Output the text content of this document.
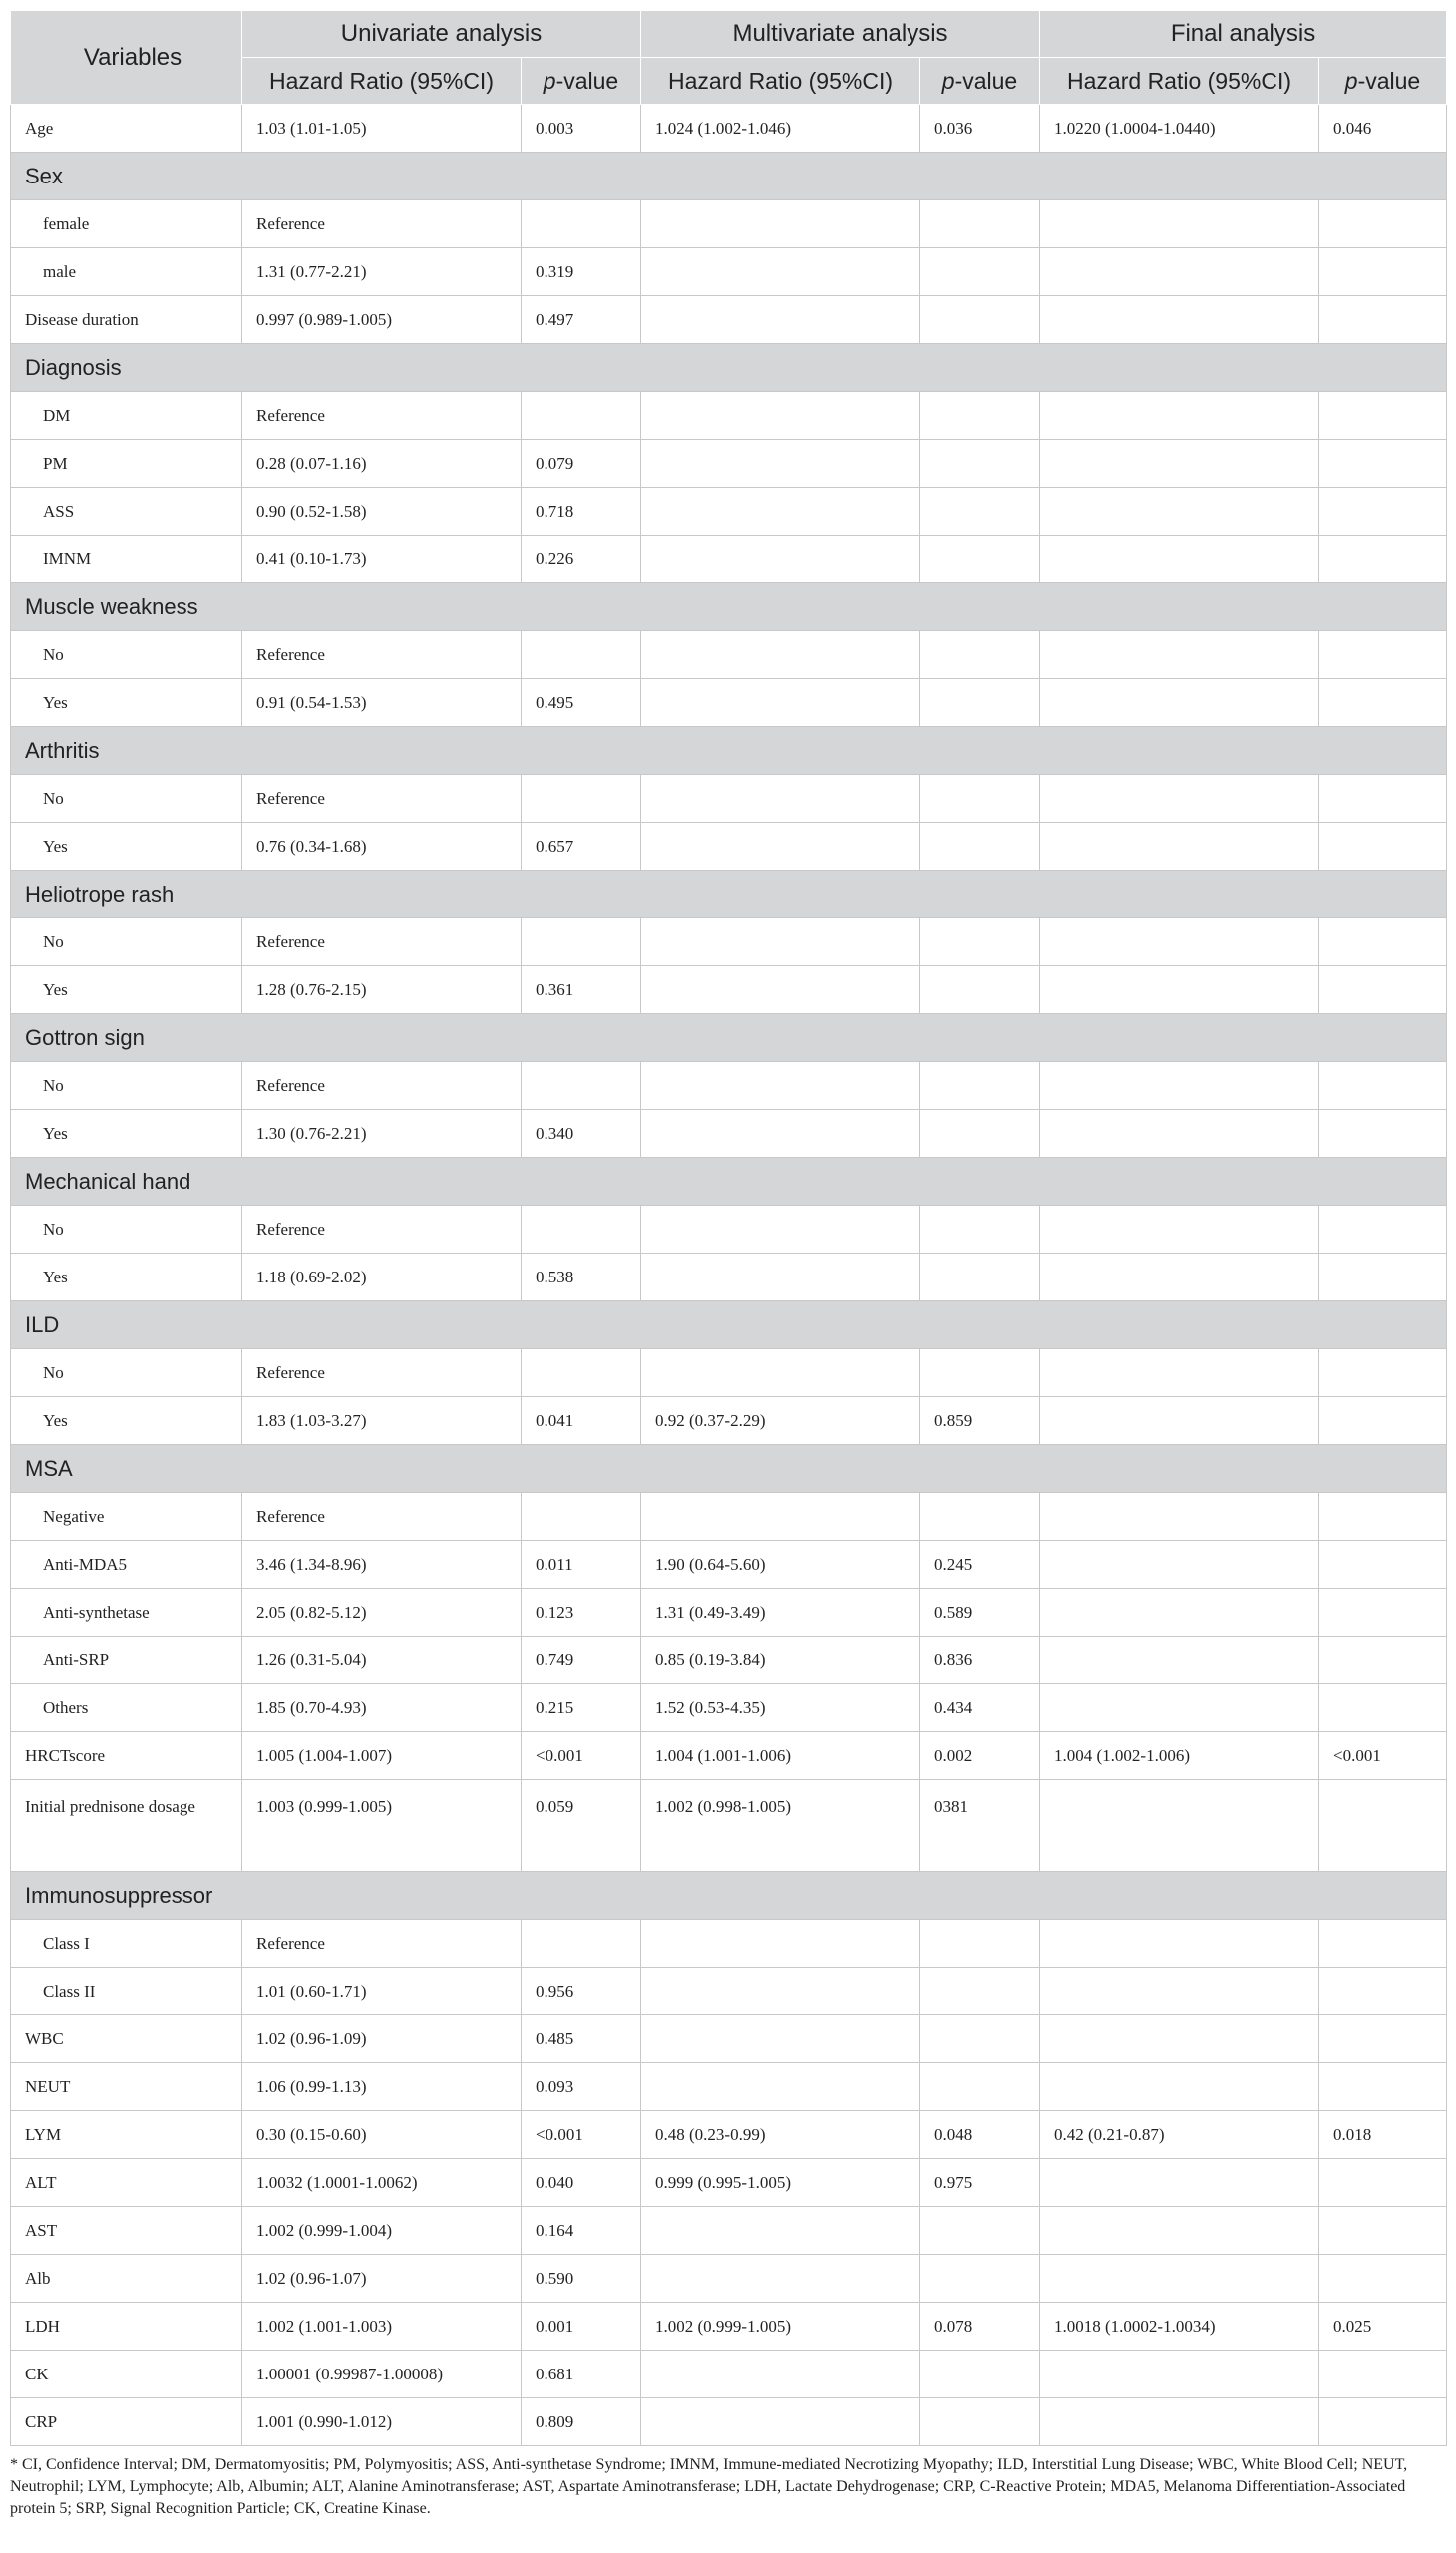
Variables	Univariate analysis		Multivariate analysis		Final analysis	
	Hazard Ratio (95%CI)	p-value	Hazard Ratio (95%CI)	p-value	Hazard Ratio (95%CI)	p-value
Age	1.03 (1.01-1.05)	0.003	1.024 (1.002-1.046)	0.036	1.0220 (1.0004-1.0440)	0.046
Sex						
female	Reference					
male	1.31 (0.77-2.21)	0.319				
Disease duration	0.997 (0.989-1.005)	0.497				
Diagnosis						
DM	Reference					
PM	0.28 (0.07-1.16)	0.079				
ASS	0.90 (0.52-1.58)	0.718				
IMNM	0.41 (0.10-1.73)	0.226				
Muscle weakness						
No	Reference					
Yes	0.91 (0.54-1.53)	0.495				
Arthritis						
No	Reference					
Yes	0.76 (0.34-1.68)	0.657				
Heliotrope rash						
No	Reference					
Yes	1.28 (0.76-2.15)	0.361				
Gottron sign						
No	Reference					
Yes	1.30 (0.76-2.21)	0.340				
Mechanical hand						
No	Reference					
Yes	1.18 (0.69-2.02)	0.538				
ILD						
No	Reference					
Yes	1.83 (1.03-3.27)	0.041	0.92 (0.37-2.29)	0.859		
MSA						
Negative	Reference					
Anti-MDA5	3.46 (1.34-8.96)	0.011	1.90 (0.64-5.60)	0.245		
Anti-synthetase	2.05 (0.82-5.12)	0.123	1.31 (0.49-3.49)	0.589		
Anti-SRP	1.26 (0.31-5.04)	0.749	0.85 (0.19-3.84)	0.836		
Others	1.85 (0.70-4.93)	0.215	1.52 (0.53-4.35)	0.434		
HRCTscore	1.005 (1.004-1.007)	<0.001	1.004 (1.001-1.006)	0.002	1.004 (1.002-1.006)	<0.001
Initial prednisone dosage	1.003 (0.999-1.005)	0.059	1.002 (0.998-1.005)	0381		
Immunosuppressor						
Class I	Reference					
Class II	1.01 (0.60-1.71)	0.956				
WBC	1.02 (0.96-1.09)	0.485				
NEUT	1.06 (0.99-1.13)	0.093				
LYM	0.30 (0.15-0.60)	<0.001	0.48 (0.23-0.99)	0.048	0.42 (0.21-0.87)	0.018
ALT	1.0032 (1.0001-1.0062)	0.040	0.999 (0.995-1.005)	0.975		
AST	1.002 (0.999-1.004)	0.164				
Alb	1.02 (0.96-1.07)	0.590				
LDH	1.002 (1.001-1.003)	0.001	1.002 (0.999-1.005)	0.078	1.0018 (1.0002-1.0034)	0.025
CK	1.00001 (0.99987-1.00008)	0.681				
CRP	1.001 (0.990-1.012)	0.809				
* CI, Confidence Interval; DM, Dermatomyositis; PM, Polymyositis; ASS, Anti-synthetase Syndrome; IMNM, Immune-mediated Necrotizing Myopathy; ILD, Interstitial Lung Disease; WBC, White Blood Cell; NEUT, Neutrophil; LYM, Lymphocyte; Alb, Albumin; ALT, Alanine Aminotransferase; AST, Aspartate Aminotransferase; LDH, Lactate Dehydrogenase; CRP, C-Reactive Protein; MDA5, Melanoma Differentiation-Associated protein 5; SRP, Signal Recognition Particle; CK, Creatine Kinase.
